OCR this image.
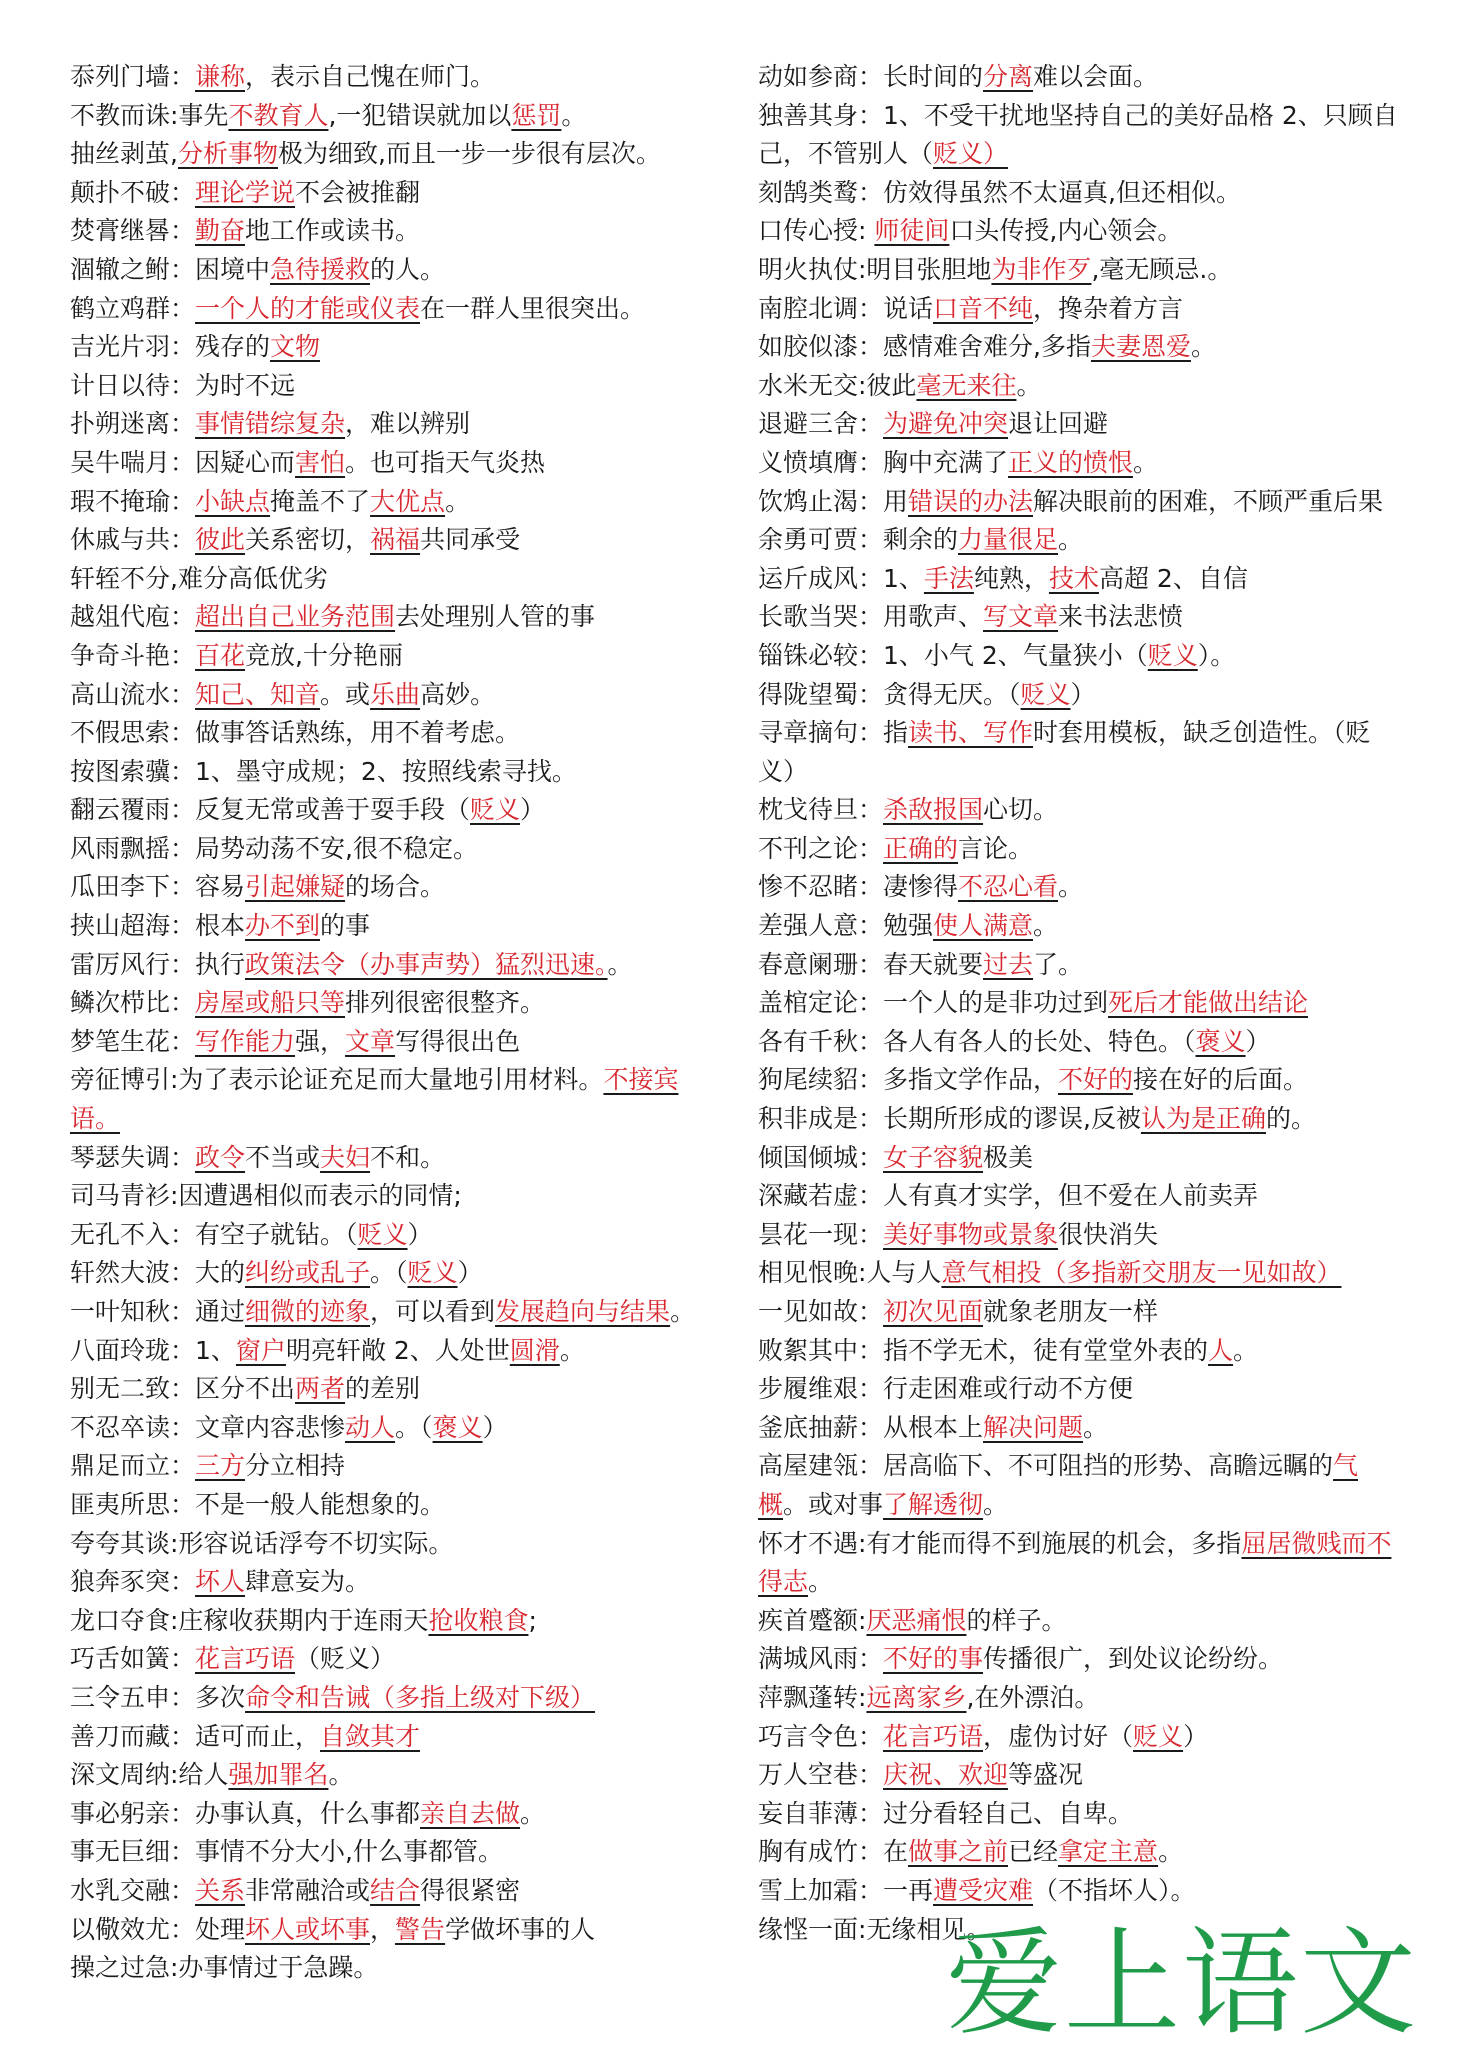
忝列门墙：谦称，表示自己愧在师门。

不教而诛:事先不教育人,一犯错误就加以惩罚。

抽丝剥茧,分析事物极为细致,而且一步一步很有层次。

颠扑不破：理论学说不会被推翻

焚膏继晷：勤奋地工作或读书。

涸辙之鲋：困境中急待援救的人。

鹤立鸡群：一个人的才能或仪表在一群人里很突出。

吉光片羽：残存的文物

计日以待：为时不远

扑朔迷离：事情错综复杂，难以辨别

吴牛喘月：因疑心而害怕。也可指天气炎热

瑕不掩瑜：小缺点掩盖不了大优点。

休戚与共：彼此关系密切，祸福共同承受

轩轾不分,难分高低优劣

越俎代庖：超出自己业务范围去处理别人管的事

争奇斗艳：百花竞放,十分艳丽

高山流水：知己、知音。或乐曲高妙。

不假思索：做事答话熟练，用不着考虑。

按图索骥：1、墨守成规；2、按照线索寻找。

翻云覆雨：反复无常或善于耍手段（贬义）

风雨飘摇：局势动荡不安,很不稳定。

瓜田李下：容易引起嫌疑的场合。

挟山超海：根本办不到的事

雷厉风行：执行政策法令（办事声势）猛烈迅速。。

鳞次栉比：房屋或船只等排列很密很整齐。

梦笔生花：写作能力强，文章写得很出色

旁征博引:为了表示论证充足而大量地引用材料。不接宾语。

琴瑟失调：政令不当或夫妇不和。

司马青衫:因遭遇相似而表示的同情;

无孔不入：有空子就钻。（贬义）

轩然大波：大的纠纷或乱子。（贬义）

一叶知秋：通过细微的迹象，可以看到发展趋向与结果。

八面玲珑：1、窗户明亮轩敞 2、人处世圆滑。

别无二致：区分不出两者的差别

不忍卒读：文章内容悲惨动人。（褒义）

鼎足而立：三方分立相持

匪夷所思：不是一般人能想象的。

夸夸其谈:形容说话浮夸不切实际。

狼奔豕突：坏人肆意妄为。

龙口夺食:庄稼收获期内于连雨天抢收粮食;

巧舌如簧：花言巧语（贬义）

三令五申：多次命令和告诫（多指上级对下级）

善刀而藏：适可而止，自敛其才

深文周纳:给人强加罪名。

事必躬亲：办事认真，什么事都亲自去做。

事无巨细：事情不分大小,什么事都管。

水乳交融：关系非常融洽或结合得很紧密

以儆效尤：处理坏人或坏事，警告学做坏事的人

操之过急:办事情过于急躁。

动如参商：长时间的分离难以会面。

独善其身：1、不受干扰地坚持自己的美好品格 2、只顾自己，不管别人（贬义）

刻鹄类鹜：仿效得虽然不太逼真,但还相似。

口传心授: 师徒间口头传授,内心领会。

明火执仗:明目张胆地为非作歹,毫无顾忌.。

南腔北调：说话口音不纯，搀杂着方言

如胶似漆：感情难舍难分,多指夫妻恩爱。

水米无交:彼此毫无来往。

退避三舍：为避免冲突退让回避

义愤填膺：胸中充满了正义的愤恨。

饮鸩止渴：用错误的办法解决眼前的困难，不顾严重后果

余勇可贾：剩余的力量很足。

运斤成风：1、手法纯熟，技术高超 2、自信

长歌当哭：用歌声、写文章来书法悲愤

锱铢必较：1、小气 2、气量狭小（贬义）。

得陇望蜀：贪得无厌。（贬义）

寻章摘句：指读书、写作时套用模板，缺乏创造性。（贬义）

枕戈待旦：杀敌报国心切。

不刊之论：正确的言论。

惨不忍睹：凄惨得不忍心看。

差强人意：勉强使人满意。

春意阑珊：春天就要过去了。

盖棺定论：一个人的是非功过到死后才能做出结论

各有千秋：各人有各人的长处、特色。（褒义）

狗尾续貂：多指文学作品，不好的接在好的后面。

积非成是：长期所形成的谬误,反被认为是正确的。

倾国倾城：女子容貌极美

深藏若虚：人有真才实学，但不爱在人前卖弄

昙花一现：美好事物或景象很快消失

相见恨晚:人与人意气相投（多指新交朋友一见如故）

一见如故：初次见面就象老朋友一样

败絮其中：指不学无术，徒有堂堂外表的人。

步履维艰：行走困难或行动不方便

釜底抽薪：从根本上解决问题。

高屋建瓴：居高临下、不可阻挡的形势、高瞻远瞩的气概。或对事了解透彻。

怀才不遇:有才能而得不到施展的机会，多指屈居微贱而不得志。

疾首蹙额:厌恶痛恨的样子。

满城风雨：不好的事传播很广，到处议论纷纷。

萍飘蓬转:远离家乡,在外漂泊。

巧言令色：花言巧语，虚伪讨好（贬义）

万人空巷：庆祝、欢迎等盛况

妄自菲薄：过分看轻自己、自卑。

胸有成竹：在做事之前已经拿定主意。

雪上加霜：一再遭受灾难（不指坏人）。

缘悭一面:无缘相见。

爱上语文
